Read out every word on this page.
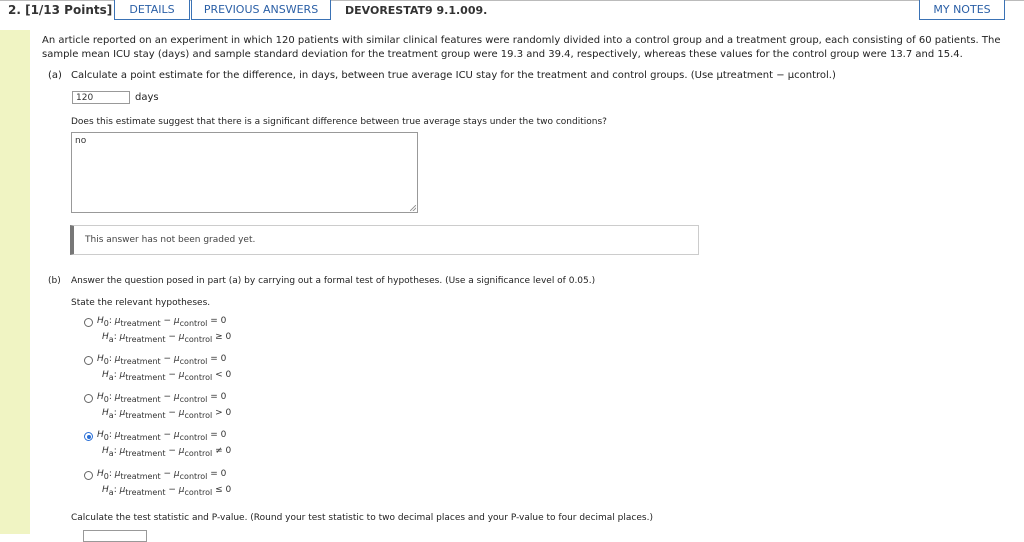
2. [1/13 Points]	DETAILS	PREVIOUS ANSWERS	DEVORESTAT9 9.1.009.	MY NOTES
An article reported on an experiment in which 120 patients with similar clinical features were randomly divided into a control group and a treatment group, each consisting of 60 patients. The sample mean ICU stay (days) and sample standard deviation for the treatment group were 19.3 and 39.4, respectively, whereas these values for the control group were 13.7 and 15.4.
(a) Calculate a point estimate for the difference, in days, between true average ICU stay for the treatment and control groups. (Use μtreatment − μcontrol.)
120	days
Does this estimate suggest that there is a significant difference between true average stays under the two conditions?
no
This answer has not been graded yet.
(b) Answer the question posed in part (a) by carrying out a formal test of hypotheses. (Use a significance level of 0.05.)
State the relevant hypotheses.
$H_0$: $\mu_{treatment} - \mu_{control} = 0$
$H_a$: $\mu_{treatment} - \mu_{control} \ge 0$
$H_0$: $\mu_{treatment} - \mu_{control} = 0$
$H_a$: $\mu_{treatment} - \mu_{control} < 0$
$H_0$: $\mu_{treatment} - \mu_{control} = 0$
$H_a$: $\mu_{treatment} - \mu_{control} > 0$
$H_0$: $\mu_{treatment} - \mu_{control} = 0$
$H_a$: $\mu_{treatment} - \mu_{control} \ne 0$
$H_0$: $\mu_{treatment} - \mu_{control} = 0$
$H_a$: $\mu_{treatment} - \mu_{control} \le 0$
Calculate the test statistic and P-value. (Round your test statistic to two decimal places and your P-value to four decimal places.)
